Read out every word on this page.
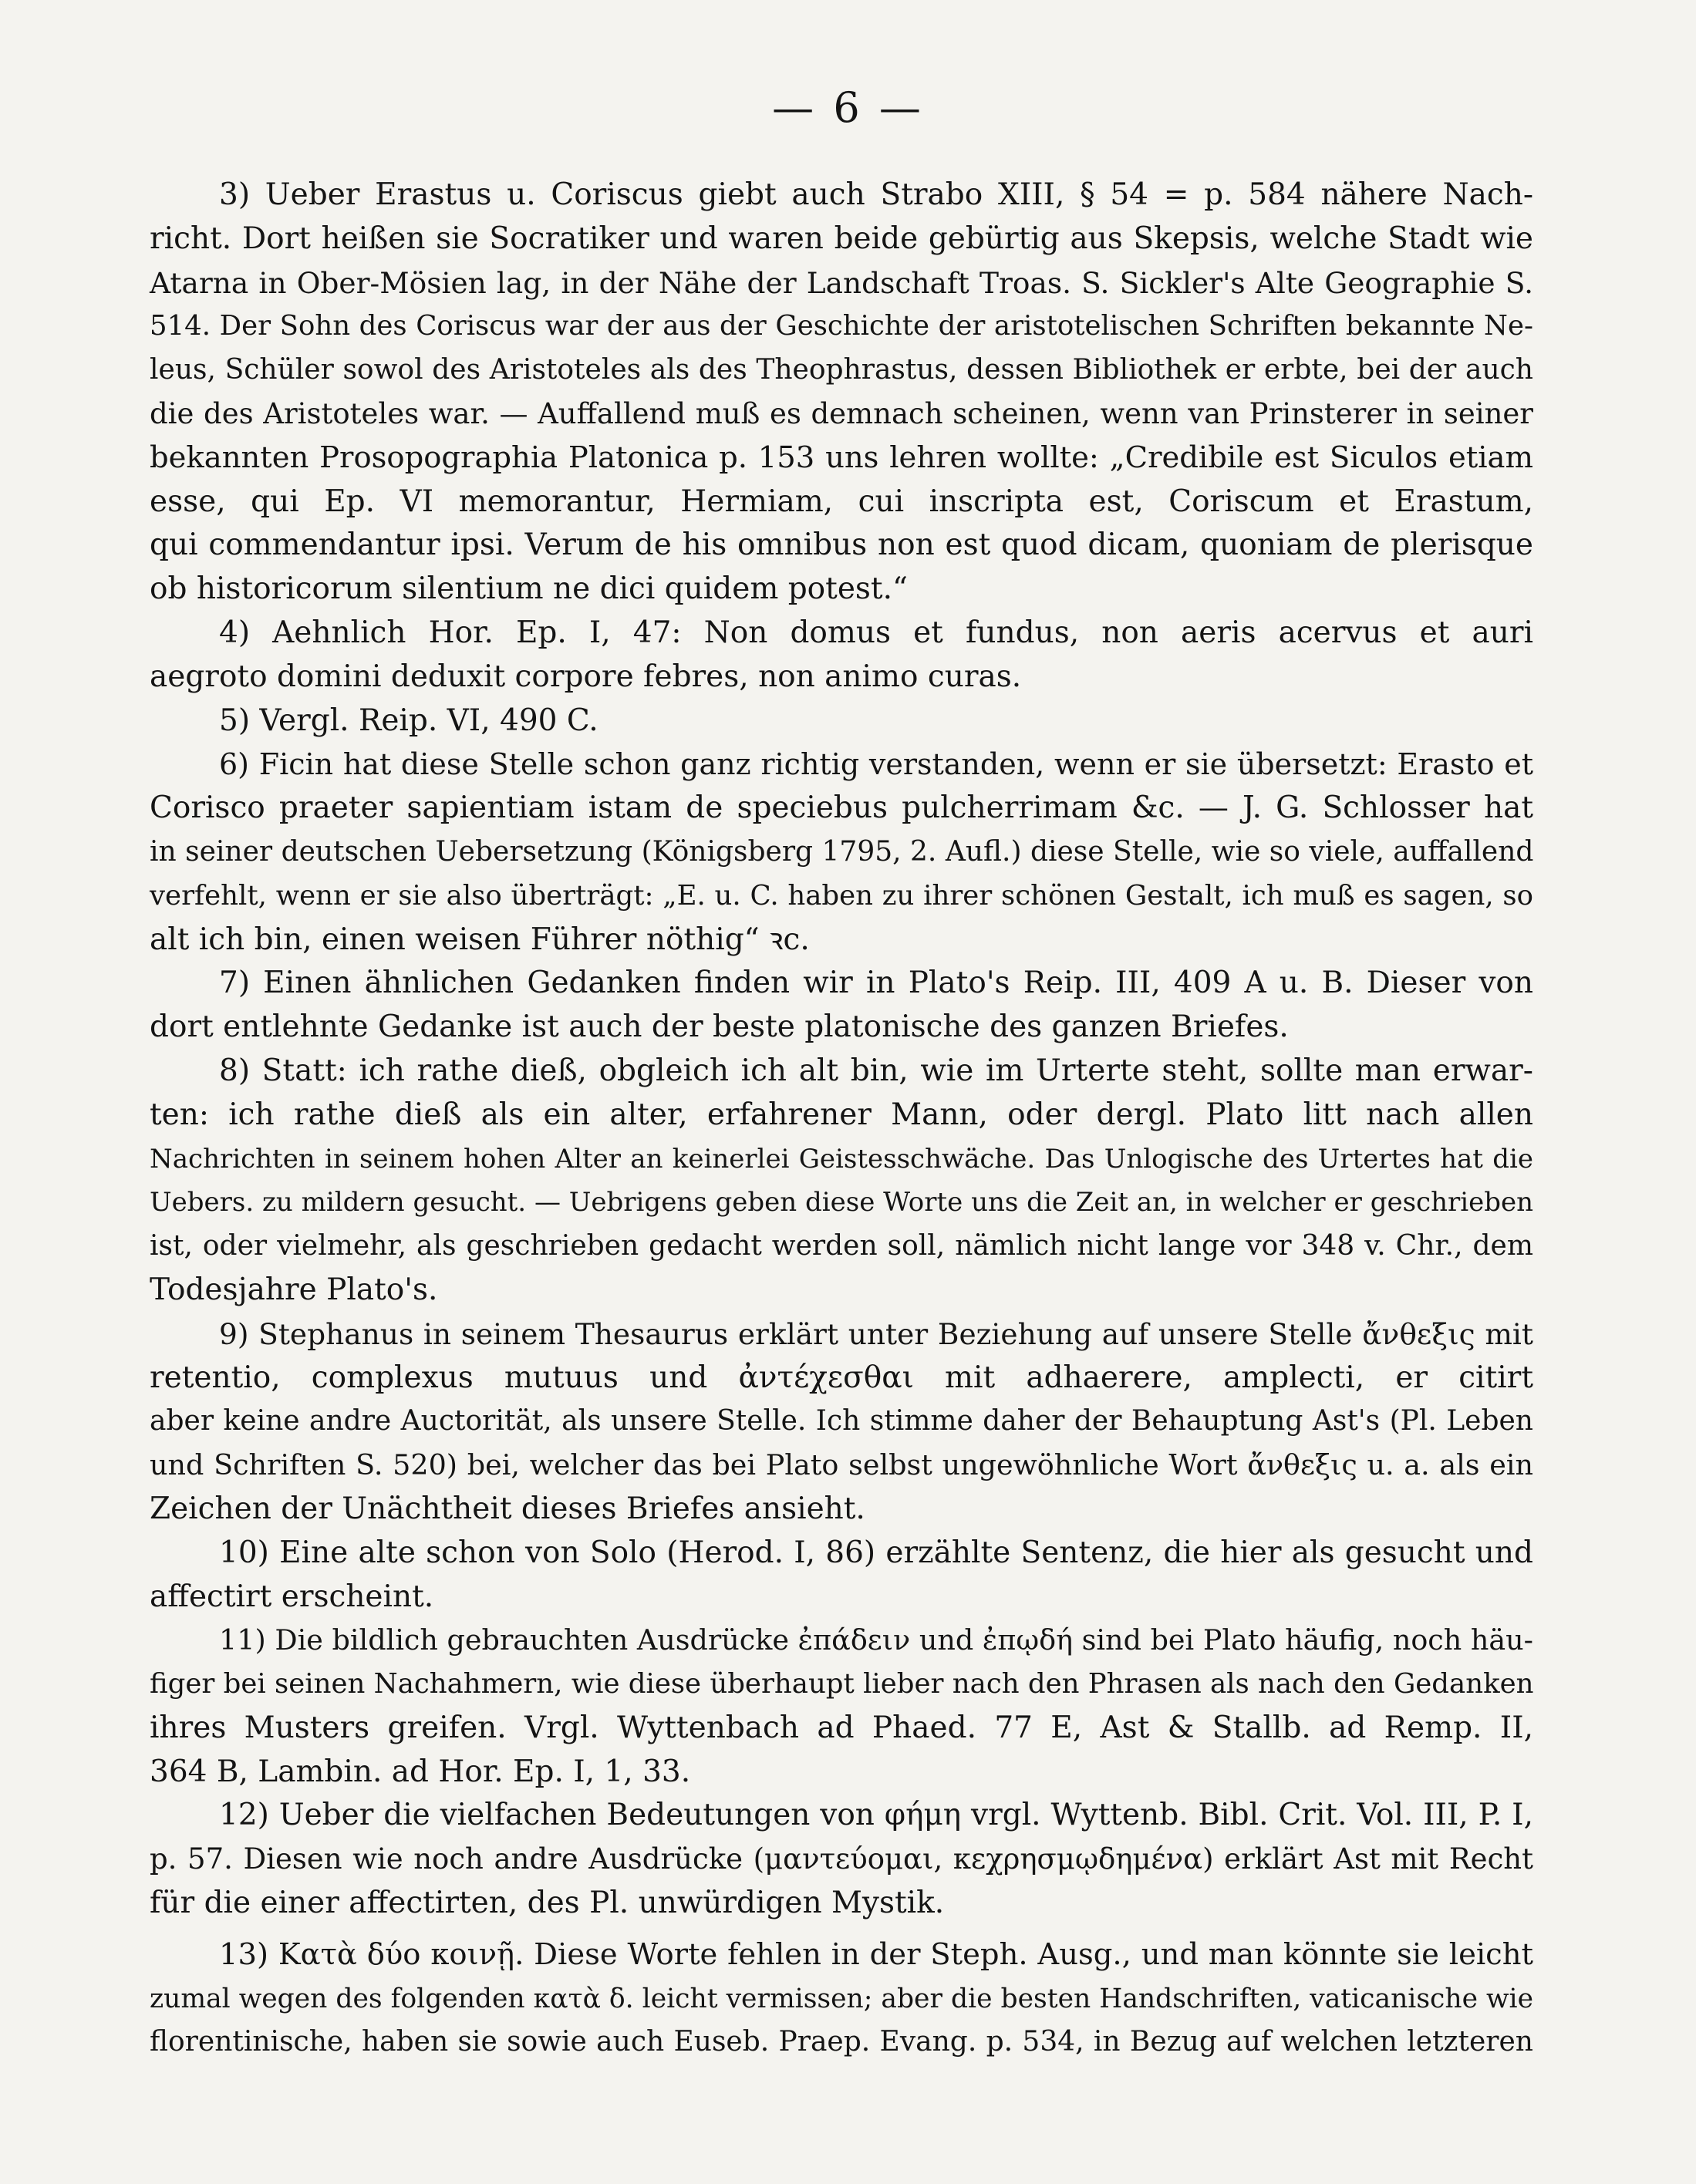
— 6 —
3) Ueber Erastus u. Coriscus giebt auch Strabo XIII, § 54 = p. 584 nähere Nach-
richt. Dort heißen sie Socratiker und waren beide gebürtig aus Skepsis, welche Stadt wie
Atarna in Ober-Mösien lag, in der Nähe der Landschaft Troas. S. Sickler's Alte Geographie S.
514. Der Sohn des Coriscus war der aus der Geschichte der aristotelischen Schriften bekannte Ne-
leus, Schüler sowol des Aristoteles als des Theophrastus, dessen Bibliothek er erbte, bei der auch
die des Aristoteles war. — Auffallend muß es demnach scheinen, wenn van Prinsterer in seiner
bekannten Prosopographia Platonica p. 153 uns lehren wollte: „Credibile est Siculos etiam
esse, qui Ep. VI memorantur, Hermiam, cui inscripta est, Coriscum et Erastum,
qui commendantur ipsi. Verum de his omnibus non est quod dicam, quoniam de plerisque
ob historicorum silentium ne dici quidem potest.“
4) Aehnlich Hor. Ep. I, 47: Non domus et fundus, non aeris acervus et auri
aegroto domini deduxit corpore febres, non animo curas.
5) Vergl. Reip. VI, 490 C.
6) Ficin hat diese Stelle schon ganz richtig verstanden, wenn er sie übersetzt: Erasto et
Corisco praeter sapientiam istam de speciebus pulcherrimam &c. — J. G. Schlosser hat
in seiner deutschen Uebersetzung (Königsberg 1795, 2. Aufl.) diese Stelle, wie so viele, auffallend
verfehlt, wenn er sie also überträgt: „E. u. C. haben zu ihrer schönen Gestalt, ich muß es sagen, so
alt ich bin, einen weisen Führer nöthig“ ꝛc.
7) Einen ähnlichen Gedanken finden wir in Plato's Reip. III, 409 A u. B. Dieser von
dort entlehnte Gedanke ist auch der beste platonische des ganzen Briefes.
8) Statt: ich rathe dieß, obgleich ich alt bin, wie im Urterte steht, sollte man erwar-
ten: ich rathe dieß als ein alter, erfahrener Mann, oder dergl. Plato litt nach allen
Nachrichten in seinem hohen Alter an keinerlei Geistesschwäche. Das Unlogische des Urtertes hat die
Uebers. zu mildern gesucht. — Uebrigens geben diese Worte uns die Zeit an, in welcher er geschrieben
ist, oder vielmehr, als geschrieben gedacht werden soll, nämlich nicht lange vor 348 v. Chr., dem
Todesjahre Plato's.
9) Stephanus in seinem Thesaurus erklärt unter Beziehung auf unsere Stelle ἄνθεξις mit
retentio, complexus mutuus und ἀντέχεσθαι mit adhaerere, amplecti, er citirt
aber keine andre Auctorität, als unsere Stelle. Ich stimme daher der Behauptung Ast's (Pl. Leben
und Schriften S. 520) bei, welcher das bei Plato selbst ungewöhnliche Wort ἄνθεξις u. a. als ein
Zeichen der Unächtheit dieses Briefes ansieht.
10) Eine alte schon von Solo (Herod. I, 86) erzählte Sentenz, die hier als gesucht und
affectirt erscheint.
11) Die bildlich gebrauchten Ausdrücke ἐπάδειν und ἐπῳδή sind bei Plato häufig, noch häu-
figer bei seinen Nachahmern, wie diese überhaupt lieber nach den Phrasen als nach den Gedanken
ihres Musters greifen. Vrgl. Wyttenbach ad Phaed. 77 E, Ast & Stallb. ad Remp. II,
364 B, Lambin. ad Hor. Ep. I, 1, 33.
12) Ueber die vielfachen Bedeutungen von φήμη vrgl. Wyttenb. Bibl. Crit. Vol. III, P. I,
p. 57. Diesen wie noch andre Ausdrücke (μαντεύομαι, κεχρησμῳδημένα) erklärt Ast mit Recht
für die einer affectirten, des Pl. unwürdigen Mystik.
13) Κατὰ δύο κοινῇ. Diese Worte fehlen in der Steph. Ausg., und man könnte sie leicht
zumal wegen des folgenden κατὰ δ. leicht vermissen; aber die besten Handschriften, vaticanische wie
florentinische, haben sie sowie auch Euseb. Praep. Evang. p. 534, in Bezug auf welchen letzteren
